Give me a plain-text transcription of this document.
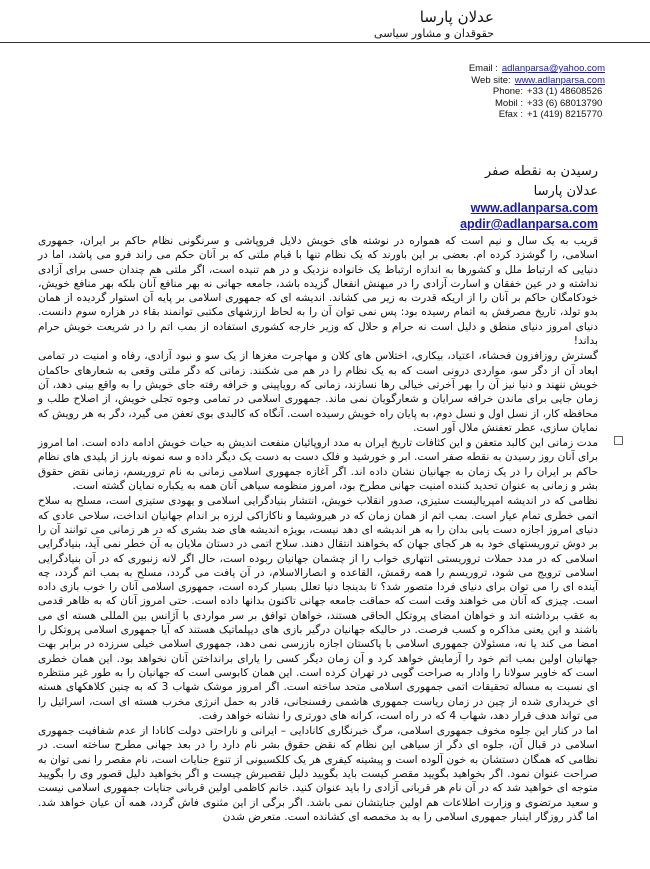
عدلان پارسا
حقوقدان و مشاور سیاسی
Email : adlanparsa@yahoo.com
Web site: www.adlanparsa.com
Phone: +33 (1) 48608526
Mobil : +33 (6) 68013790
Efax : +1 (419) 8215770
رسیدن به نقطه صفر
عدلان پارسا
www.adlanparsa.com
apdir@adlanparsa.com

قریب به یک سال و نیم است که همواره در نوشته های خویش دلایل فروپاشی و سرنگونی نظام حاکم بر ایران، جمهوری اسلامی، را گوشزد کرده ام. بعضی بر این باورند که یک نظام تنها با قیام ملتی که بر آنان حکم می راند فرو می پاشد، اما در دنیایی که ارتباط ملل و کشورها به اندازه ارتباط یک خانواده نزدیک و در هم تنیده است، اگر ملتی هم چندان حسی برای آزادی نداشته و در عین خفقان و اسارت آزادی را در میهنش انفعال گزیده باشد، جامعه جهانی نه بهر منافع آنان بلکه بهر منافع خویش، خودکامگان حاکم بر آنان را از اریکه قدرت به زیر می کشاند. اندیشه ای که جمهوری اسلامی بر پایه آن استوار گردیده از همان بدو تولد، تاریخ مصرفش به اتمام رسیده بود: پس نمی توان آن را به لحاظ ارزشهای مکتبی توانمند بقاء در هزاره سوم دانست. دنیای امروز دنیای منطق و دلیل است نه حرام و حلال که وزیر خارجه کشوری استفاده از بمب اتم را در شریعت خویش حرام بداند!

گسترش روزافزون فحشاء، اعتیاد، بیکاری، اختلاس های کلان و مهاجرت مغزها از یک سو و نبود آزادی، رفاه و امنیت در تمامی ابعاد آن از دگر سو، مواردی درونی است که به یک نظام را در هم می شکنند. زمانی که دگر ملتی وقعی به شعارهای حاکمان خویش ننهند و دنیا نیز آن را بهر آخرتی خیالی رها نسازند، زمانی که رویاپینی و خرافه رفته جای خویش را به واقع بینی دهد، آن زمان جایی برای ماندن خرافه سرایان و شعارگویان نمی ماند. جمهوری اسلامی در تمامی وجوه تجلی خویش، از اصلاح طلب و محافظه کار، از نسل اول و نسل دوم، به پایان راه خویش رسیده است. آنگاه که کالبدی بوی تعفن می گیرد، دگر به هر رویش که نمایان سازی، عطر تعفنش ملال آور است.

مدت زمانی این کالبد متعفن و این کثافات تاریخ ایران به مدد اروپائیان منفعت اندیش به حیات خویش ادامه داده است. اما امروز برای آنان روز رسیدن به نقطه صفر است. ابر و خورشید و فلک دست به دست یک دیگر داده و سه نمونه بارز از پلیدی های نظام حاکم بر ایران را در یک زمان به جهانیان نشان داده اند. اگر آغازه جمهوری اسلامی زمانی به نام تروریسم، زمانی نقض حقوق بشر و زمانی به عنوان تحدید کننده امنیت جهانی مطرح بود، امروز منظومه سیاهی آنان همه به یکباره نمایان گشته است.

نظامی که در اندیشه امپریالیست ستیزی، صدور انقلاب خویش، انتشار بنیادگرایی اسلامی و یهودی ستیزی است، مسلح به سلاح اتمی خطری تمام عیار است. بمب اتم از همان زمان که در هیروشیما و ناکازاکی لرزه بر اندام جهانیان انداخت، سلاحی عادی که دنیای امروز اجازه دست یابی بدان را به هر اندیشه ای دهد نیست، بویژه اندیشه های ضد بشری که در هر زمانی می توانند آن را بر دوش تروریستهای خود به هر کجای جهان که بخواهند انتقال دهند. سلاح اتمی در دستان ملایان به آن خطر نمی آید، بنیادگرایی اسلامی که در مدد حملات تروریستی انتهاری خواب را از چشمان جهانیان ربوده است، حال اگر لانه زنبوری که در آن بنیادگرایی اسلامی ترویج می شود، تروریسم را همه رقمش، القاعده و انصارالاسلام، در آن یافت می گردد، مسلح به بمب اتم گردد، چه آینده ای را می توان برای دنیای فردا متصور شد؟ تا بدینجا دنیا تعلل بسیار کرده است، جمهوری اسلامی آنان را خوب بازی داده است. چیزی که آنان می خواهند وقت است که حماقت جامعه جهانی تاکنون بدانها داده است. حتی امروز آنان که به ظاهر قدمی به عقب برداشته اند و خواهان امضای پروتکل الحاقی هستند، خواهان توافق بر سر مواردی با آژانس بین المللی هسته ای می باشند و این یعنی مذاکره و کسب فرصت. در حالیکه جهانیان درگیر بازی های دیپلماتیک هستند که آیا جمهوری اسلامی پروتکل را امضا می کند یا نه، مسئولان جمهوری اسلامی با پاکستان اجازه بازرسی نمی دهد، جمهوری اسلامی خیلی سرزده در برابر بهت جهانیان اولین بمب اتم خود را آزمایش خواهد کرد و آن زمان دیگر کسی را یارای برانداختن آنان نخواهد بود. این همان خطری است که خاویر سولانا را وادار به صراحت گویی در تهران کرده است. این همان کابوسی است که جهانیان را به طور غیر منتظره ای نسبت به مساله تحقیقات اتمی جمهوری اسلامی متحد ساخته است. اگر امروز موشک شهاب 3 که به چنین کلاهکهای هسته ای خریداری شده از چین در زمان ریاست جمهوری هاشمی رفسنجانی، قادر به حمل انرژی مخرب هسته ای است، اسرائیل را می تواند هدف قرار دهد، شهاب 4 که در راه است، کرانه های دورتری را نشانه خواهد رفت.

اما در کنار این جلوه مخوف جمهوری اسلامی، مرگ خبرنگاری کانادایی – ایرانی و ناراحتی دولت کانادا از عدم شفافیت جمهوری اسلامی در قبال آن، جلوه ای دگر از سیاهی این نظام که نقض حقوق بشر نام دارد را در بعد جهانی مطرح ساخته است. در نظامی که همگان دستشان به خون آلوده است و پیشینه کیفری هر یک کلکسیونی از تنوع جنایات است، نام مقصر را نمی توان به صراحت عنوان نمود. اگر بخواهید بگویید مقصر کیست باید بگویید دلیل تقصیرش چیست و اگر بخواهید دلیل قصور وی را بگویید متوجه ای خواهید شد که در آن نام هر قربانی آزادی را باید عنوان کنید. خانم کاظمی اولین قربانی جنایات جمهوری اسلامی نیست و سعید مرتضوی و وزارت اطلاعات هم اولین جنایتشان نمی باشد. اگر برگی از این مثنوی فاش گردد، همه آن عیان خواهد شد. اما گذر روزگار اینبار جمهوری اسلامی را به بد مخمصه ای کشانده است. متعرض شدن
